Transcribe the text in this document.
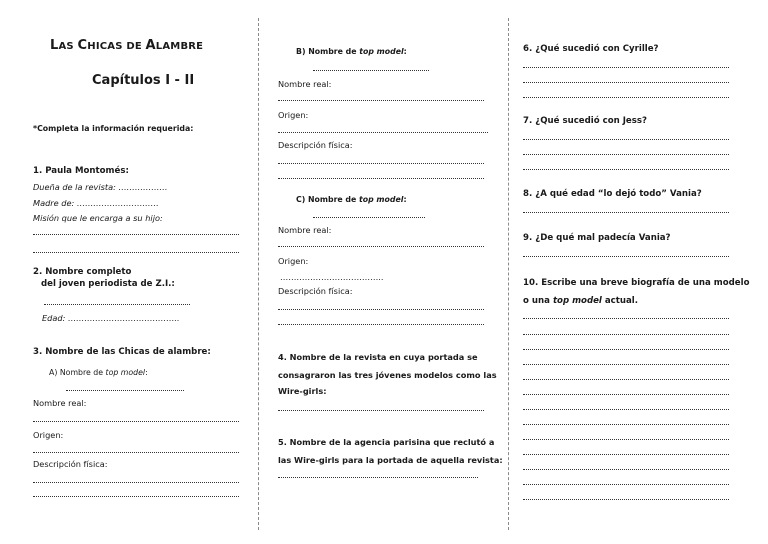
LAS CHICAS DE ALAMBRE
Capítulos I - II
*Completa la información requerida:
1. Paula Montomés:
Dueña de la revista: ………………
Madre de: …………………………
Misión que le encarga a su hijo:
2. Nombre completo
del joven periodista de Z.I.:
Edad: …………………………………..
3. Nombre de las Chicas de alambre:
A) Nombre de top model:
Nombre real:
Origen:
Descripción física:
B) Nombre de top model:
Nombre real:
Origen:
Descripción física:
C) Nombre de top model:
Nombre real:
Origen:
………………………………..
Descripción física:
4. Nombre de la revista en cuya portada se
consagraron las tres jóvenes modelos como las
Wire-girls:
5. Nombre de la agencia parisina que reclutó a
las Wire-girls para la portada de aquella revista:
6. ¿Qué sucedió con Cyrille?
7. ¿Qué sucedió con Jess?
8. ¿A qué edad “lo dejó todo” Vania?
9. ¿De qué mal padecía Vania?
10. Escribe una breve biografía de una modelo
o una top model actual.
